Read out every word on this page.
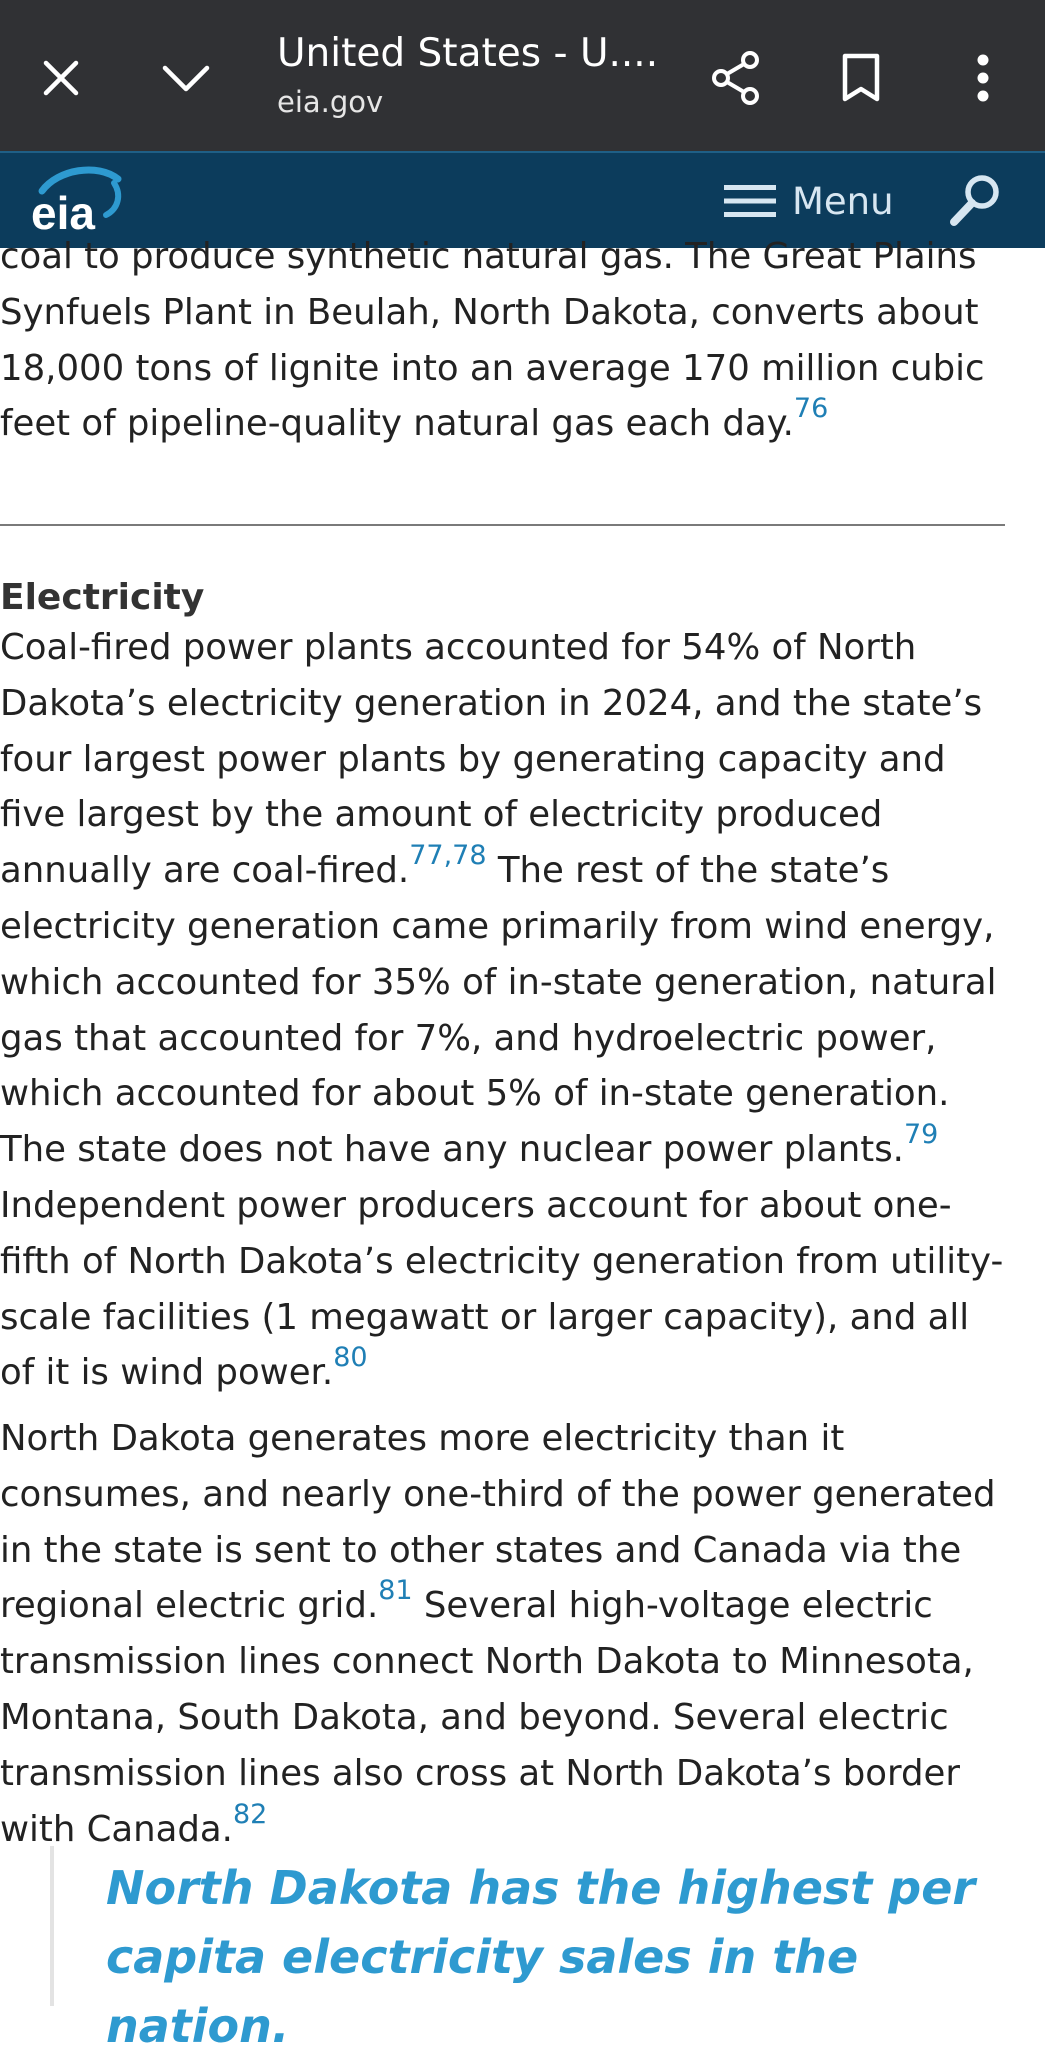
United States - U....
eia.gov
eia	Menu

coal to produce synthetic natural gas. The Great Plains Synfuels Plant in Beulah, North Dakota, converts about 18,000 tons of lignite into an average 170 million cubic feet of pipeline-quality natural gas each day.$^{76}$

Electricity

Coal-fired power plants accounted for 54% of North Dakota’s electricity generation in 2024, and the state’s four largest power plants by generating capacity and five largest by the amount of electricity produced annually are coal-fired.$^{77,78}$ The rest of the state’s electricity generation came primarily from wind energy, which accounted for 35% of in-state generation, natural gas that accounted for 7%, and hydroelectric power, which accounted for about 5% of in-state generation. The state does not have any nuclear power plants.$^{79}$ Independent power producers account for about one-fifth of North Dakota’s electricity generation from utility-scale facilities (1 megawatt or larger capacity), and all of it is wind power.$^{80}$

North Dakota generates more electricity than it consumes, and nearly one-third of the power generated in the state is sent to other states and Canada via the regional electric grid.$^{81}$ Several high-voltage electric transmission lines connect North Dakota to Minnesota, Montana, South Dakota, and beyond. Several electric transmission lines also cross at North Dakota’s border with Canada.$^{82}$

North Dakota has the highest per capita electricity sales in the nation.
